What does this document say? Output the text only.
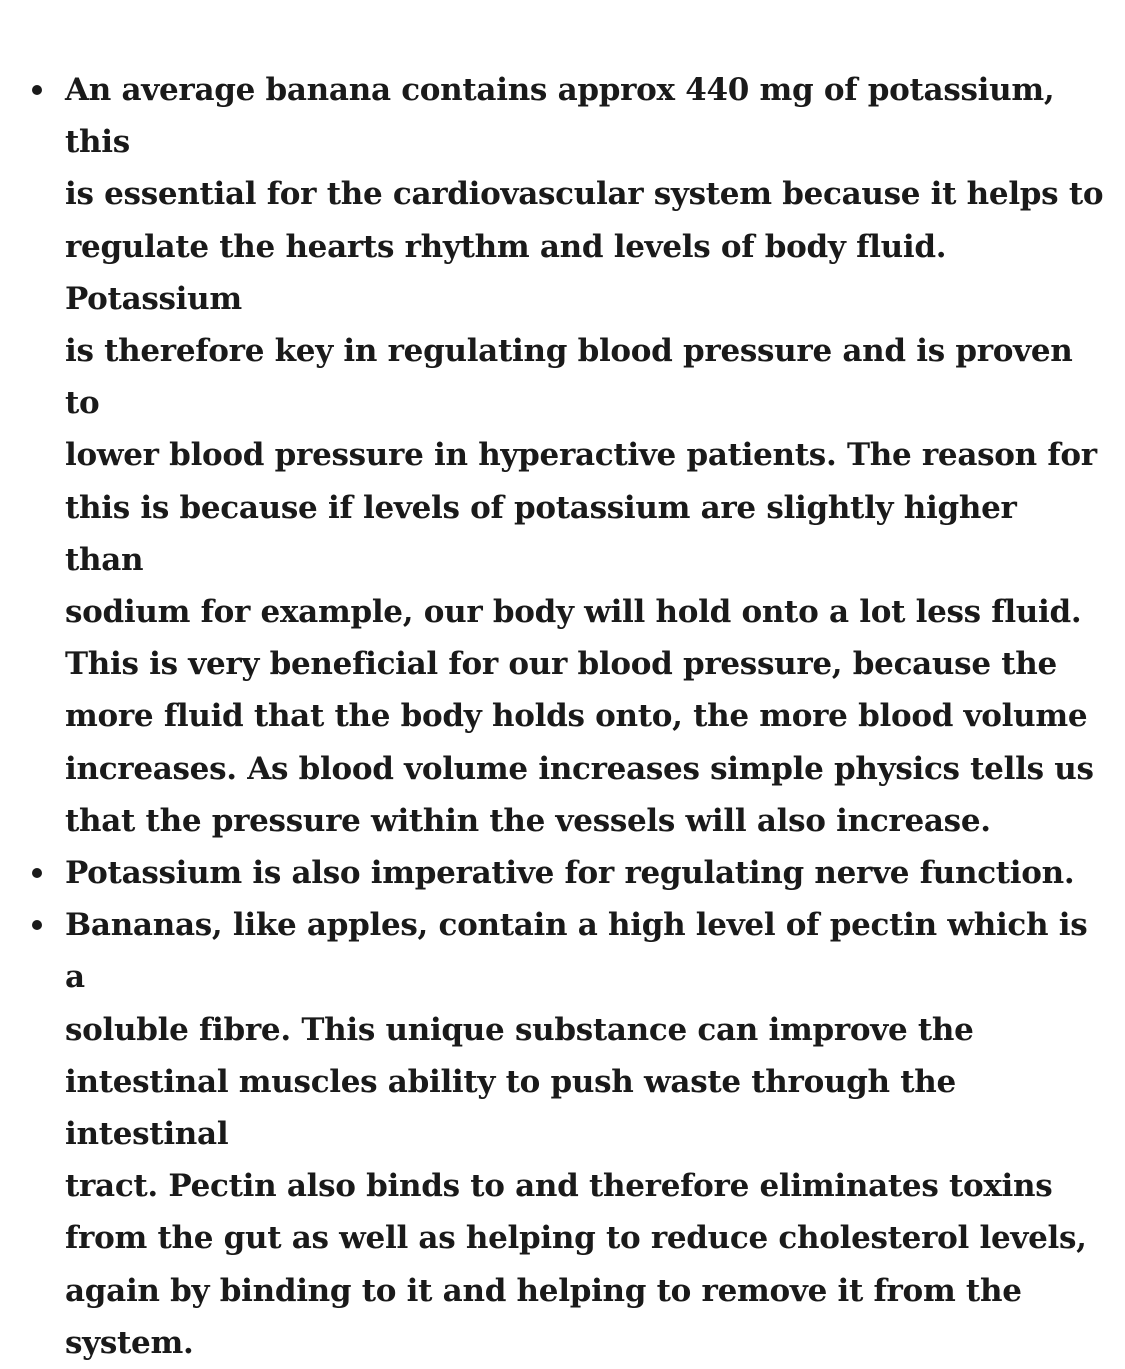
An average banana contains approx 440 mg of potassium, this
is essential for the cardiovascular system because it helps to
regulate the hearts rhythm and levels of body fluid. Potassium
is therefore key in regulating blood pressure and is proven to
lower blood pressure in hyperactive patients. The reason for
this is because if levels of potassium are slightly higher than
sodium for example, our body will hold onto a lot less fluid.
This is very beneficial for our blood pressure, because the
more fluid that the body holds onto, the more blood volume
increases. As blood volume increases simple physics tells us
that the pressure within the vessels will also increase.

Potassium is also imperative for regulating nerve function.

Bananas, like apples, contain a high level of pectin which is a
soluble fibre. This unique substance can improve the
intestinal muscles ability to push waste through the intestinal
tract. Pectin also binds to and therefore eliminates toxins
from the gut as well as helping to reduce cholesterol levels,
again by binding to it and helping to remove it from the
system.
